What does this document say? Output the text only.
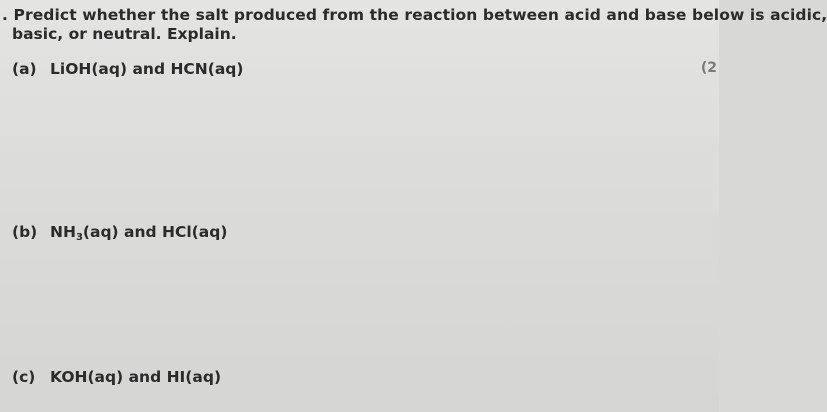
. Predict whether the salt produced from the reaction between acid and base below is acidic,
basic, or neutral. Explain.
(2
(a) LiOH(aq) and HCN(aq)
(b) $NH_3(aq)$ and HCl(aq)
(c) KOH(aq) and HI(aq)
